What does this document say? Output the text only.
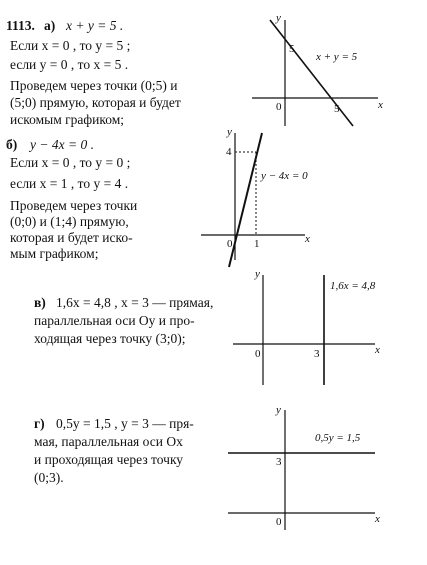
1113. а) x + y = 5 .
Если x = 0 , то y = 5 ;
если y = 0 , то x = 5 .
Проведем через точки (0;5) и
(5;0) прямую, которая и будет
искомым графиком;
y
x
0
5
5
x + y = 5
б) y − 4x = 0 .
Если x = 0 , то y = 0 ;
если x = 1 , то y = 4 .
Проведем через точки
(0;0) и (1;4) прямую,
которая и будет иско-
мым графиком;
y
x
0
4
1
y − 4x = 0
в) 1,6x = 4,8 , x = 3 — прямая,
параллельная оси Oy и про-
ходящая через точку (3;0);
y
x
0	3
1,6x = 4,8
г) 0,5y = 1,5 , y = 3 — пря-
мая, параллельная оси Ox
и проходящая через точку
(0;3).
y
x
0
3
0,5y = 1,5
